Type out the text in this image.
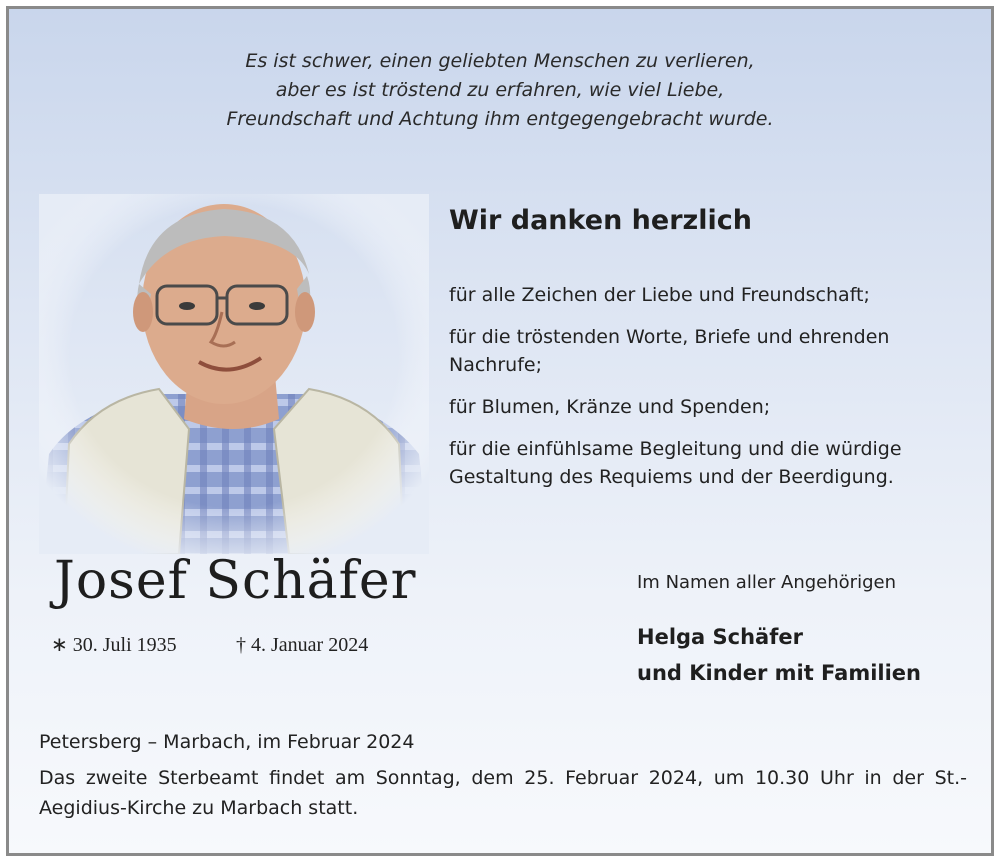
Es ist schwer, einen geliebten Menschen zu verlieren,
aber es ist tröstend zu erfahren, wie viel Liebe,
Freundschaft und Achtung ihm entgegengebracht wurde.
Wir danken herzlich
für alle Zeichen der Liebe und Freundschaft;
für die tröstenden Worte, Briefe und ehrenden Nachrufe;
für Blumen, Kränze und Spenden;
für die einfühlsame Begleitung und die würdige Gestaltung des Requiems und der Beerdigung.
Josef Schäfer
∗ 30. Juli 1935	† 4. Januar 2024
Im Namen aller Angehörigen
Helga Schäfer
und Kinder mit Familien
Petersberg – Marbach, im Februar 2024
Das zweite Sterbeamt findet am Sonntag, dem 25. Februar 2024, um 10.30 Uhr in der St.-Aegidius-Kirche zu Marbach statt.
